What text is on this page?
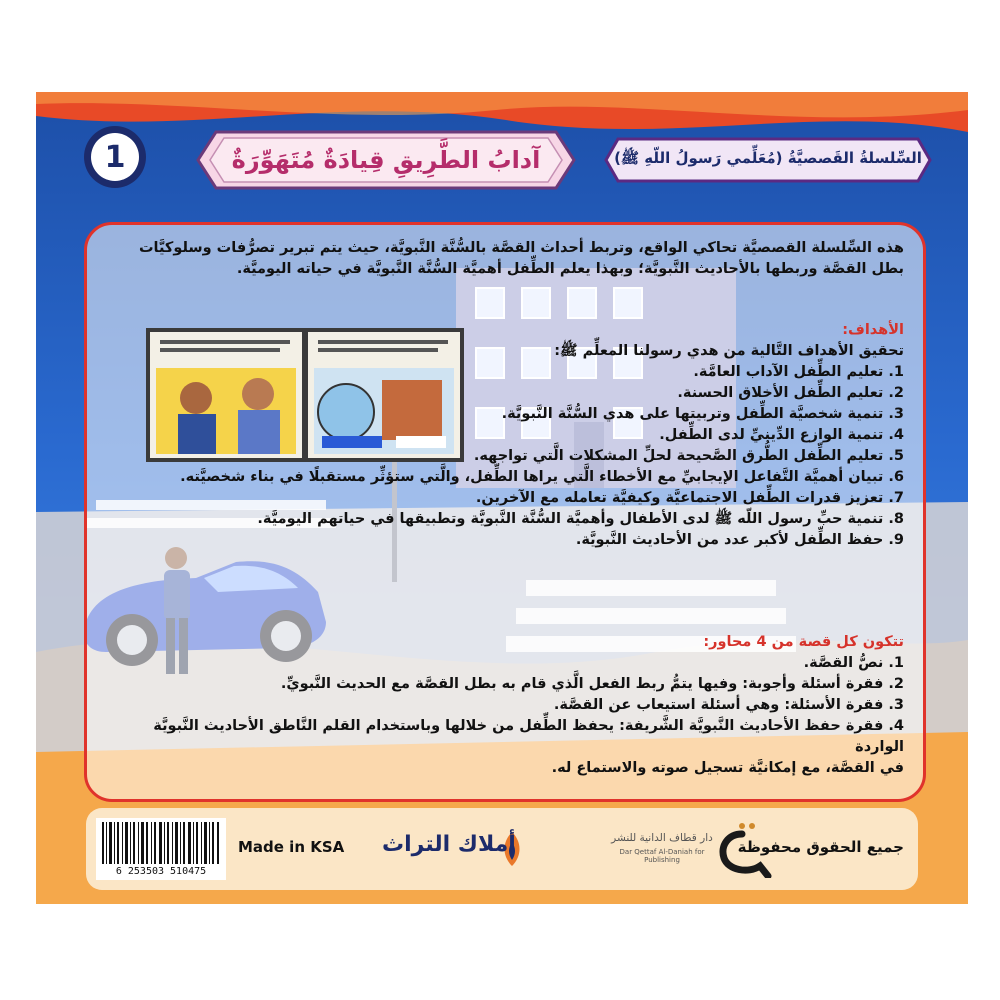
1	آدابُ الطَّرِيقِ قِيادَةٌ مُتَهَوِّرَةٌ	السِّلسلةُ القَصصيَّةُ (مُعَلِّمي رَسولُ اللّهِ ﷺ)
هذه السِّلسلة القصصيَّة تحاكي الواقع، وتربط أحداث القصَّة بالسُّنَّة النَّبويَّة، حيث يتم تبرير تصرُّفات وسلوكيَّات
بطل القصَّة وربطها بالأحاديث النَّبويَّة؛ وبهذا يعلم الطِّفل أهميَّة السُّنَّة النَّبويَّة في حياته اليوميَّة.
الأهداف:
تحقيق الأهداف التَّالية من هدي رسولنا المعلِّم ﷺ:
1. تعليم الطِّفل الآداب العامَّة.
2. تعليم الطِّفل الأخلاق الحسنة.
3. تنمية شخصيَّة الطِّفل وتربيتها على هدي السُّنَّة النَّبويَّة.
4. تنمية الوازع الدِّينيِّ لدى الطِّفل.
5. تعليم الطِّفل الطُّرق الصَّحيحة لحلِّ المشكلات الَّتي تواجهه.
6. تبيان أهميَّة التَّفاعل الإيجابيِّ مع الأخطاء الَّتي يراها الطِّفل، والَّتي ستؤثِّر مستقبلًا في بناء شخصيَّته.
7. تعزيز قدرات الطِّفل الاجتماعيَّة وكيفيَّة تعامله مع الآخرين.
8. تنمية حبِّ رسول اللّه ﷺ لدى الأطفال وأهميَّة السُّنَّة النَّبويَّة وتطبيقها في حياتهم اليوميَّة.
9. حفظ الطِّفل لأكبر عدد من الأحاديث النَّبويَّة.
تتكون كل قصة من 4 محاور:
1. نصُّ القصَّة.
2. فقرة أسئلة وأجوبة: وفيها يتمُّ ربط الفعل الَّذي قام به بطل القصَّة مع الحديث النَّبويِّ.
3. فقرة الأسئلة: وهي أسئلة استيعاب عن القصَّة.
4. فقرة حفظ الأحاديث النَّبويَّة الشَّريفة: يحفظ الطِّفل من خلالها وباستخدام القلم النَّاطق الأحاديث النَّبويَّة الواردة
في القصَّة، مع إمكانيَّة تسجيل صوته والاستماع له.
6 253503 510475
Made in KSA أملاك التراث	دار قطاف الدانية للنشر
Dar Qettaf Al-Daniah for Publishing
جميع الحقوق محفوظة
